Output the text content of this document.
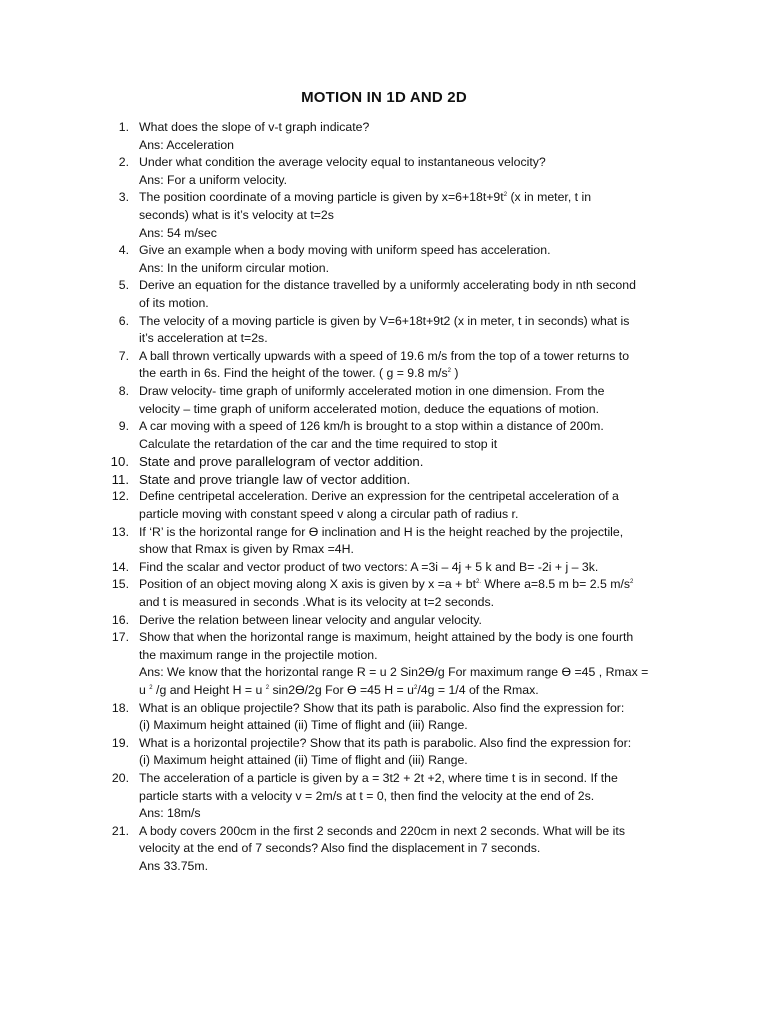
MOTION IN 1D AND 2D
1. What does the slope of v-t graph indicate?
Ans: Acceleration
2. Under what condition the average velocity equal to instantaneous velocity?
Ans: For a uniform velocity.
3. The position coordinate of a moving particle is given by $x=6+18t+9t^2$ (x in meter, t in
seconds) what is it’s velocity at t=2s
Ans: 54 m/sec
4. Give an example when a body moving with uniform speed has acceleration.
Ans: In the uniform circular motion.
5. Derive an equation for the distance travelled by a uniformly accelerating body in nth second
of its motion.
6. The velocity of a moving particle is given by V=6+18t+9t2 (x in meter, t in seconds) what is
it’s acceleration at t=2s.
7. A ball thrown vertically upwards with a speed of 19.6 m/s from the top of a tower returns to
the earth in 6s. Find the height of the tower. ( g = 9.8 $m/s^2$ )
8. Draw velocity- time graph of uniformly accelerated motion in one dimension. From the
velocity – time graph of uniform accelerated motion, deduce the equations of motion.
9. A car moving with a speed of 126 km/h is brought to a stop within a distance of 200m.
Calculate the retardation of the car and the time required to stop it
10. State and prove parallelogram of vector addition.
11. State and prove triangle law of vector addition.
12. Define centripetal acceleration. Derive an expression for the centripetal acceleration of a
particle moving with constant speed v along a circular path of radius r.
13. If ‘R’ is the horizontal range for Ɵ inclination and H is the height reached by the projectile,
show that Rmax is given by Rmax =4H.
14. Find the scalar and vector product of two vectors: A =3i – 4j + 5 k and B= -2i + j – 3k.
15. Position of an object moving along X axis is given by $x =a + bt^{2.}$ Where a=8.5 m b= 2.5 $m/s^2$
and t is measured in seconds .What is its velocity at t=2 seconds.
16. Derive the relation between linear velocity and angular velocity.
17. Show that when the horizontal range is maximum, height attained by the body is one fourth
the maximum range in the projectile motion.
Ans: We know that the horizontal range R = u 2 Sin2Ɵ/g For maximum range Ɵ =45 , Rmax =
u $^2$ /g and Height H = u $^2$ sin2Ɵ/2g For Ɵ =45 $H = u^2/4g = 1/4$ of the Rmax.
18. What is an oblique projectile? Show that its path is parabolic. Also find the expression for:
(i) Maximum height attained (ii) Time of flight and (iii) Range.
19. What is a horizontal projectile? Show that its path is parabolic. Also find the expression for:
(i) Maximum height attained (ii) Time of flight and (iii) Range.
20. The acceleration of a particle is given by a = 3t2 + 2t +2, where time t is in second. If the
particle starts with a velocity v = 2m/s at t = 0, then find the velocity at the end of 2s.
Ans: 18m/s
21. A body covers 200cm in the first 2 seconds and 220cm in next 2 seconds. What will be its
velocity at the end of 7 seconds? Also find the displacement in 7 seconds.
Ans 33.75m.
